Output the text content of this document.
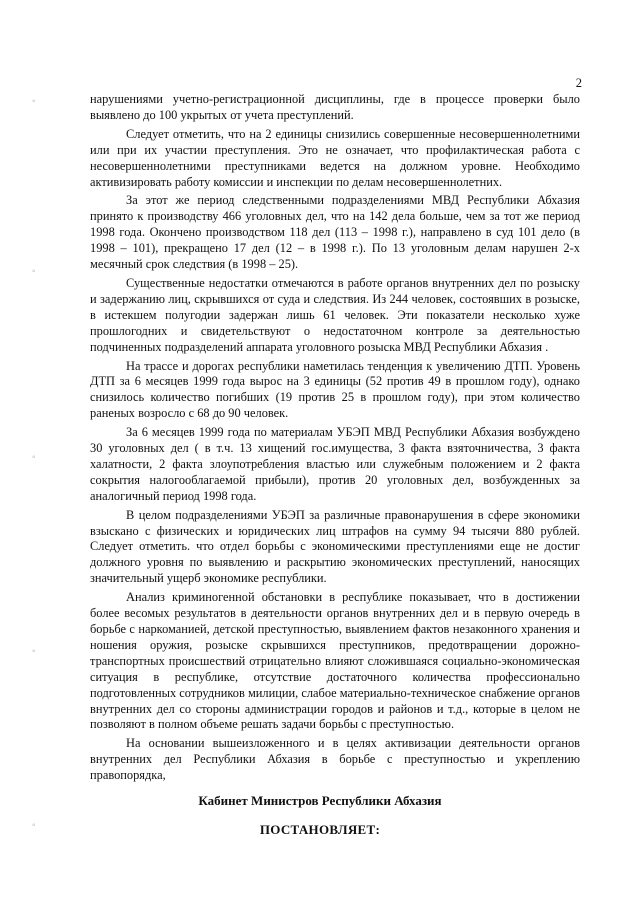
2

нарушениями учетно-регистрационной дисциплины, где в процессе проверки было выявлено до 100 укрытых от учета преступлений.

Следует отметить, что на 2 единицы снизились совершенные несовершеннолетними или при их участии преступления. Это не означает, что профилактическая работа с несовершеннолетними преступниками ведется на должном уровне. Необходимо активизировать работу комиссии и инспекции по делам несовершеннолетних.

За этот же период следственными подразделениями МВД Республики Абхазия принято к производству 466 уголовных дел, что на 142 дела больше, чем за тот же период 1998 года. Окончено производством 118 дел (113 – 1998 г.), направлено в суд 101 дело (в 1998 – 101), прекращено 17 дел (12 – в 1998 г.). По 13 уголовным делам нарушен 2-х месячный срок следствия (в 1998 – 25).

Существенные недостатки отмечаются в работе органов внутренних дел по розыску и задержанию лиц, скрывшихся от суда и следствия. Из 244 человек, состоявших в розыске, в истекшем полугодии задержан лишь 61 человек. Эти показатели несколько хуже прошлогодних и свидетельствуют о недостаточном контроле за деятельностью подчиненных подразделений аппарата уголовного розыска МВД Республики Абхазия .

На трассе и дорогах республики наметилась тенденция к увеличению ДТП. Уровень ДТП за 6 месяцев 1999 года вырос на 3 единицы (52 против 49 в прошлом году), однако снизилось количество погибших (19 против 25 в прошлом году), при этом количество раненых возросло с 68 до 90 человек.

За 6 месяцев 1999 года по материалам УБЭП МВД Республики Абхазия возбуждено 30 уголовных дел ( в т.ч. 13 хищений гос.имущества, 3 факта взяточничества, 3 факта халатности, 2 факта злоупотребления властью или служебным положением и 2 факта сокрытия налогооблагаемой прибыли), против 20 уголовных дел, возбужденных за аналогичный период 1998 года.

В целом подразделениями УБЭП за различные правонарушения в сфере экономики взыскано с физических и юридических лиц штрафов на сумму 94 тысячи 880 рублей. Следует отметить. что отдел борьбы с экономическими преступлениями еще не достиг должного уровня по выявлению и раскрытию экономических преступлений, наносящих значительный ущерб экономике республики.

Анализ криминогенной обстановки в республике показывает, что в достижении более весомых результатов в деятельности органов внутренних дел и в первую очередь в борьбе с наркоманией, детской преступностью, выявлением фактов незаконного хранения и ношения оружия, розыске скрывшихся преступников, предотвращении дорожно-транспортных происшествий отрицательно влияют сложившаяся социально-экономическая ситуация в республике, отсутствие достаточного количества профессионально подготовленных сотрудников милиции, слабое материально-техническое снабжение органов внутренних дел со стороны администрации городов и районов и т.д., которые в целом не позволяют в полном объеме решать задачи борьбы с преступностью.

На основании вышеизложенного и в целях активизации деятельности органов внутренних дел Республики Абхазия в борьбе с преступностью и укреплению правопорядка,

Кабинет Министров Республики Абхазия
ПОСТАНОВЛЯЕТ:
◦
◦
◦
◦
◦
